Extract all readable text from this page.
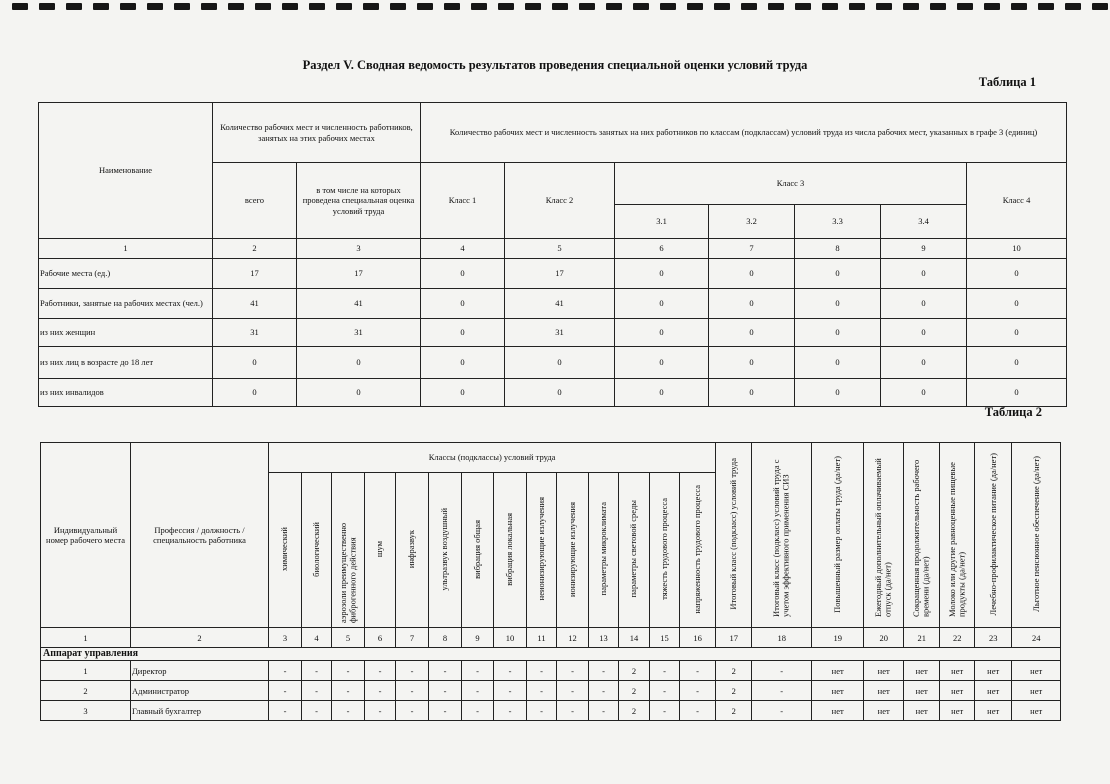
Раздел V. Сводная ведомость результатов проведения специальной оценки условий труда
Таблица 1
Наименование	Количество рабочих мест и численность работников, занятых на этих рабочих местах		Количество рабочих мест и численность занятых на них работников по классам (подклассам) условий труда из числа рабочих мест, указанных в графе 3 (единиц)						
	всего	в том числе на которых проведена специальная оценка условий труда	Класс 1	Класс 2	Класс 3				Класс 4
					3.1	3.2	3.3	3.4	
1	2	3	4	5	6	7	8	9	10
Рабочие места (ед.)	17	17	0	17	0	0	0	0	0
Работники, занятые на рабочих местах (чел.)	41	41	0	41	0	0	0	0	0
из них женщин	31	31	0	31	0	0	0	0	0
из них лиц в возрасте до 18 лет	0	0	0	0	0	0	0	0	0
из них инвалидов	0	0	0	0	0	0	0	0	0
Таблица 2
Индивидуальный номер рабочего места	Профессия / должность / специальность работника	Классы (подклассы) условий труда														Итоговый класс (подкласс) условий труда	Итоговый класс (подкласс) условий труда с учетом эффективного применения СИЗ	Повышенный размер оплаты труда (да/нет)	Ежегодный дополнительный оплачиваемый отпуск (да/нет)	Сокращенная продолжительность рабочего времени (да/нет)	Молоко или другие равноценные пищевые продукты (да/нет)	Лечебно-профилактическое питание (да/нет)	Льготное пенсионное обеспечение (да/нет)
		химический	биологический	аэрозоли преимущественно фиброгенного действия	шум	инфразвук	ультразвук воздушный	вибрация общая	вибрация локальная	неионизирующие излучения	ионизирующие излучения	параметры микроклимата	параметры световой среды	тяжесть трудового процесса	напряженность трудового процесса								
1	2	3	4	5	6	7	8	9	10	11	12	13	14	15	16	17	18	19	20	21	22	23	24
Аппарат управления																							
1	Директор	-	-	-	-	-	-	-	-	-	-	-	2	-	-	2	-	нет	нет	нет	нет	нет	нет
2	Администратор	-	-	-	-	-	-	-	-	-	-	-	2	-	-	2	-	нет	нет	нет	нет	нет	нет
3	Главный бухгалтер	-	-	-	-	-	-	-	-	-	-	-	2	-	-	2	-	нет	нет	нет	нет	нет	нет
